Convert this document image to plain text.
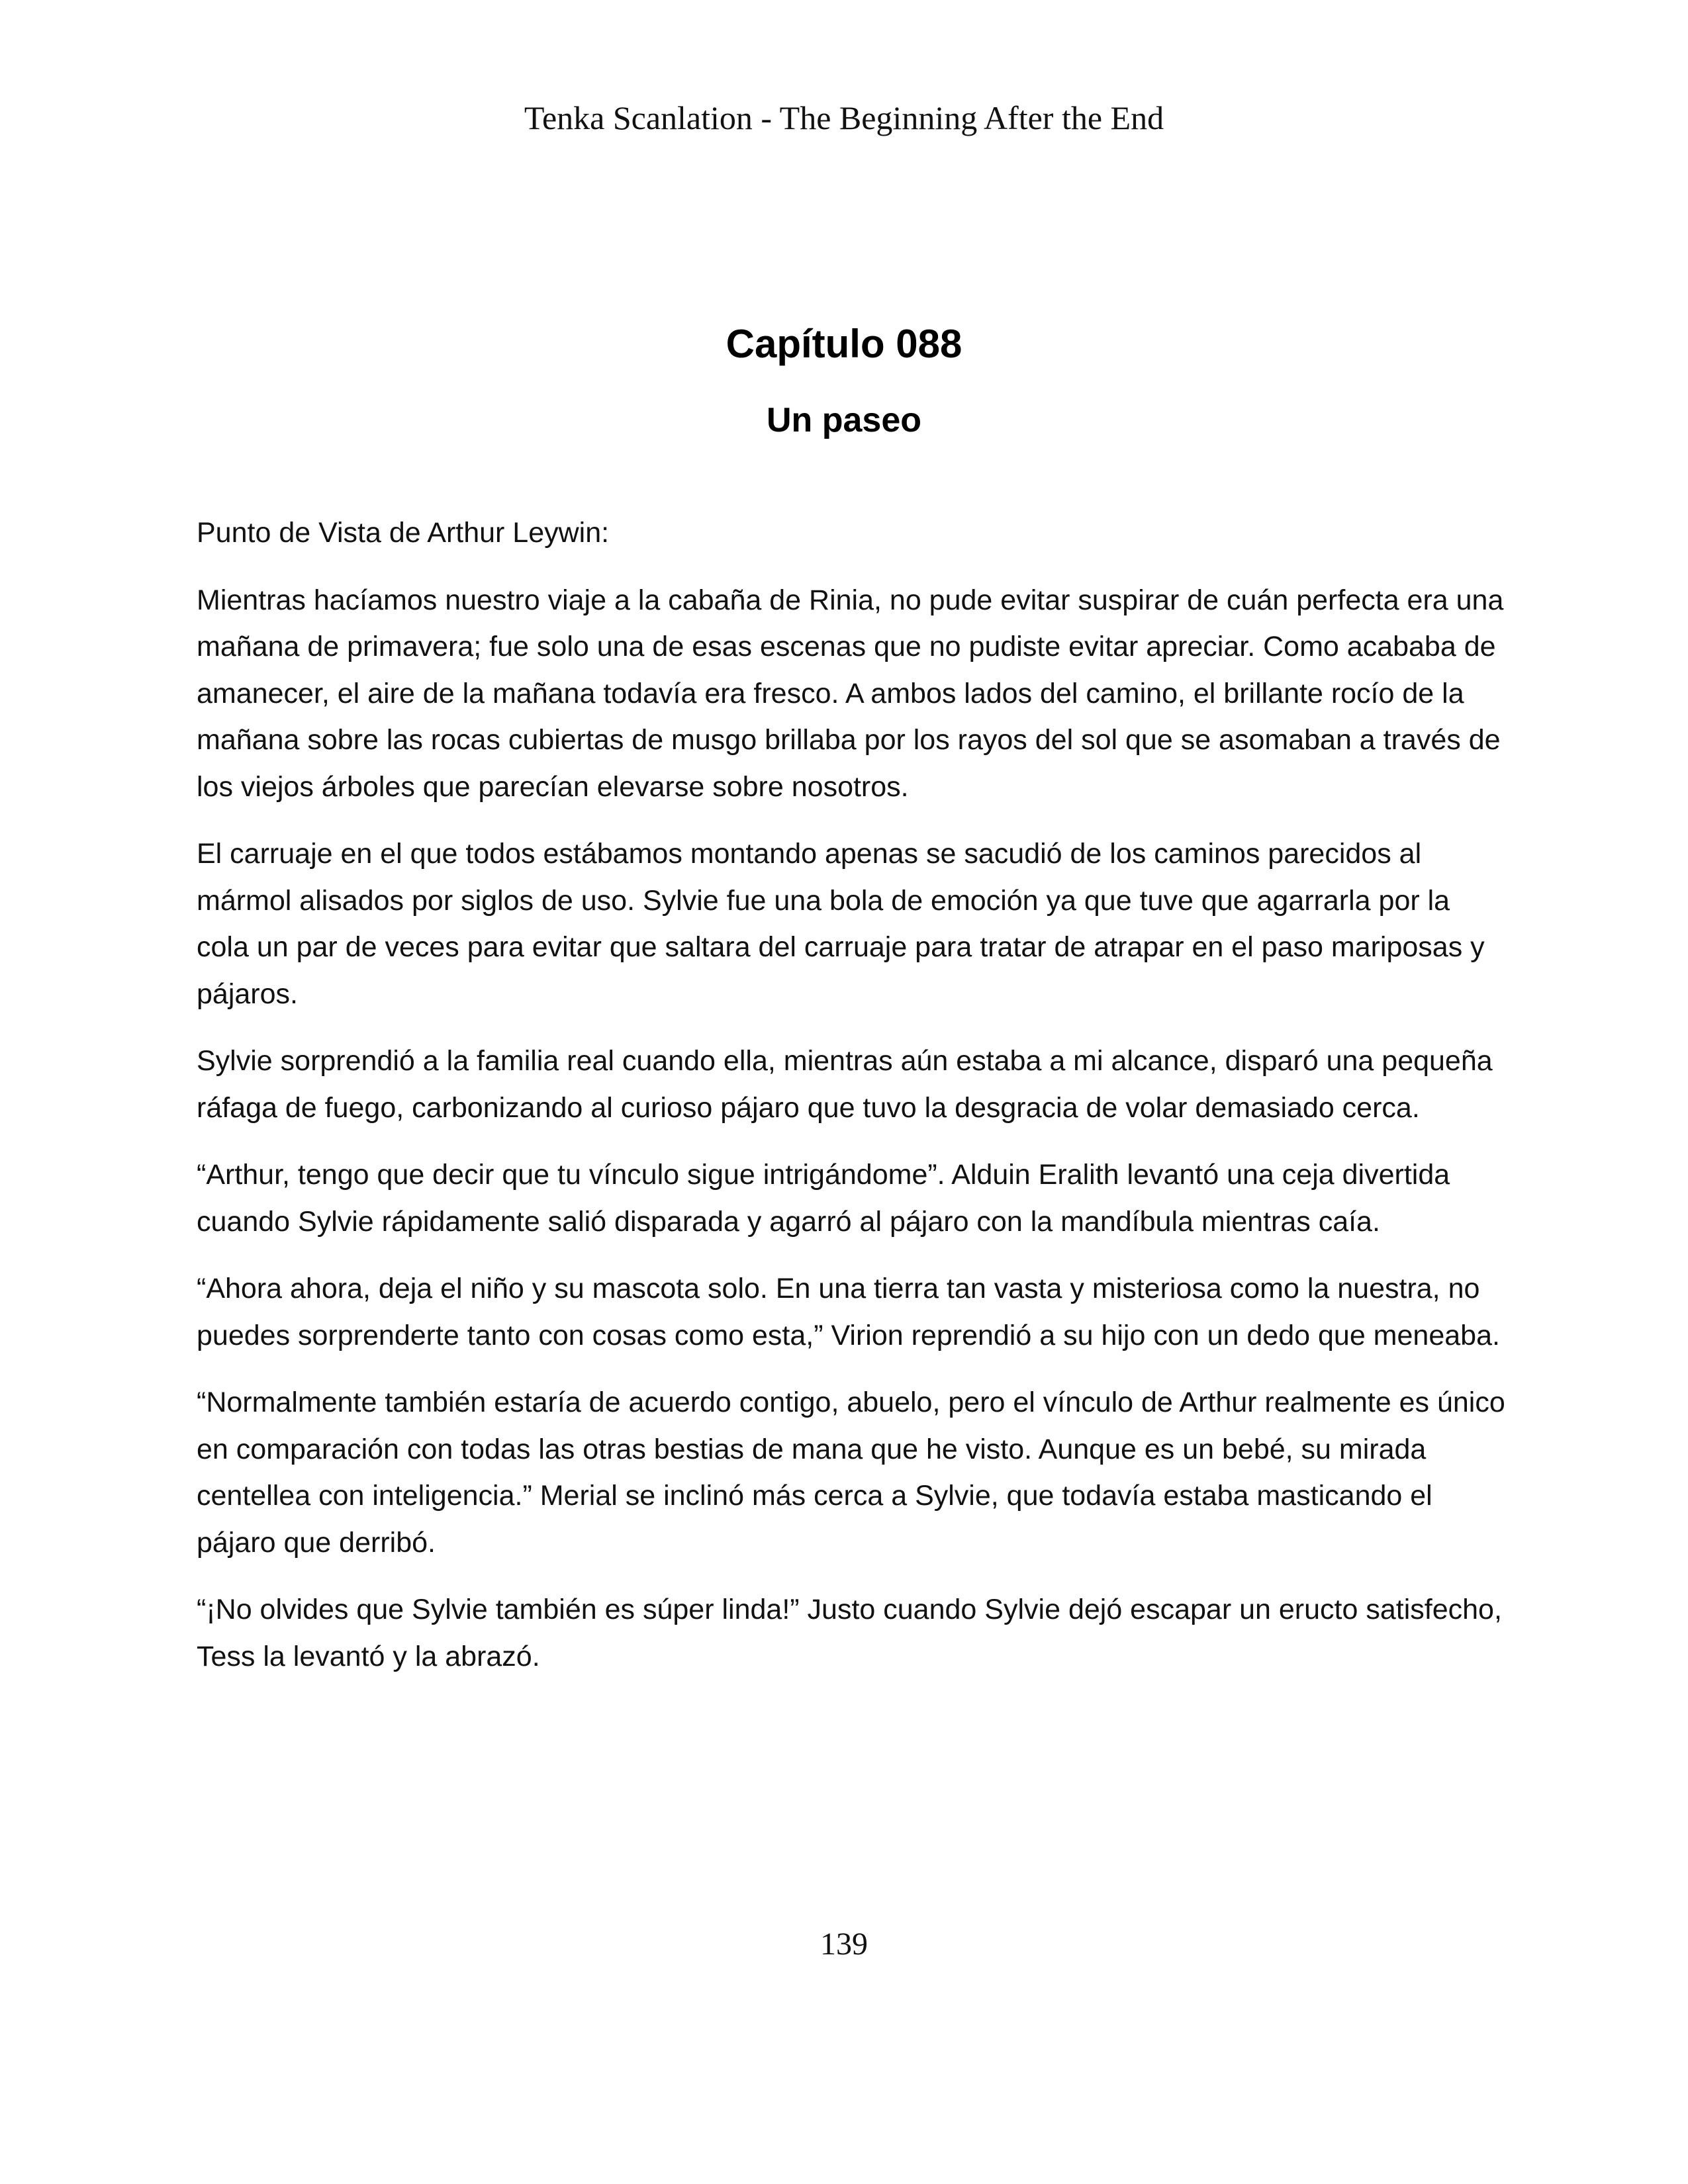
Tenka Scanlation - The Beginning After the End
Capítulo 088
Un paseo

Punto de Vista de Arthur Leywin:

Mientras hacíamos nuestro viaje a la cabaña de Rinia, no pude evitar suspirar de cuán perfecta era una mañana de primavera; fue solo una de esas escenas que no pudiste evitar apreciar. Como acababa de amanecer, el aire de la mañana todavía era fresco. A ambos lados del camino, el brillante rocío de la mañana sobre las rocas cubiertas de musgo brillaba por los rayos del sol que se asomaban a través de los viejos árboles que parecían elevarse sobre nosotros.

El carruaje en el que todos estábamos montando apenas se sacudió de los caminos parecidos al mármol alisados por siglos de uso. Sylvie fue una bola de emoción ya que tuve que agarrarla por la cola un par de veces para evitar que saltara del carruaje para tratar de atrapar en el paso mariposas y pájaros.

Sylvie sorprendió a la familia real cuando ella, mientras aún estaba a mi alcance, disparó una pequeña ráfaga de fuego, carbonizando al curioso pájaro que tuvo la desgracia de volar demasiado cerca.

“Arthur, tengo que decir que tu vínculo sigue intrigándome”. Alduin Eralith levantó una ceja divertida cuando Sylvie rápidamente salió disparada y agarró al pájaro con la mandíbula mientras caía.

“Ahora ahora, deja el niño y su mascota solo. En una tierra tan vasta y misteriosa como la nuestra, no puedes sorprenderte tanto con cosas como esta,” Virion reprendió a su hijo con un dedo que meneaba.

“Normalmente también estaría de acuerdo contigo, abuelo, pero el vínculo de Arthur realmente es único en comparación con todas las otras bestias de mana que he visto. Aunque es un bebé, su mirada centellea con inteligencia.” Merial se inclinó más cerca a Sylvie, que todavía estaba masticando el pájaro que derribó.

“¡No olvides que Sylvie también es súper linda!” Justo cuando Sylvie dejó escapar un eructo satisfecho, Tess la levantó y la abrazó.

139
